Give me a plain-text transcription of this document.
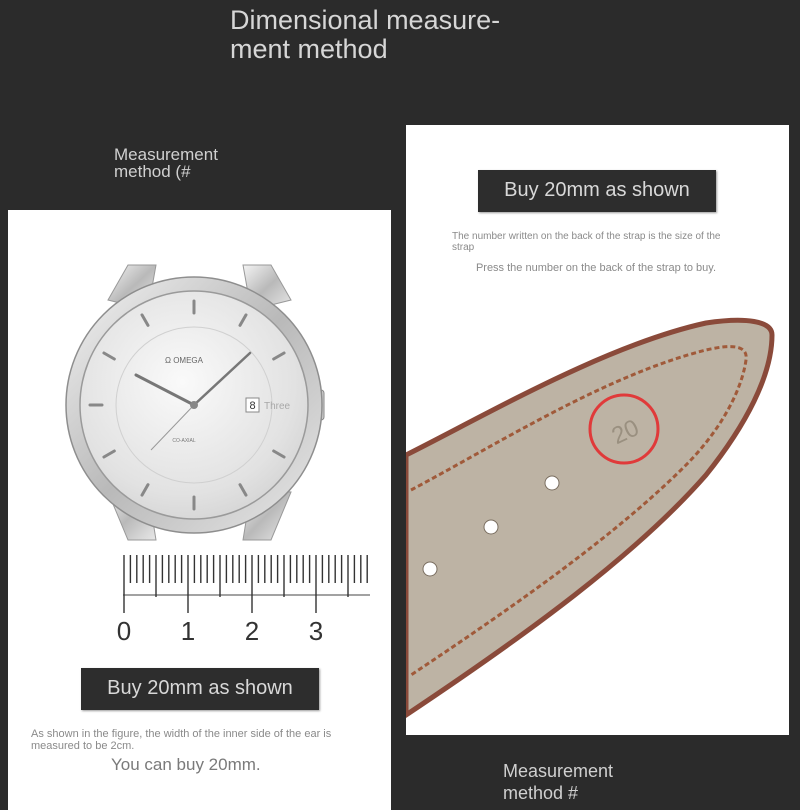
Dimensional measure-
ment method
Measurement
method (#
Ω OMEGA
CO-AXIAL
8 Three
0 1 2 3
Buy 20mm as shown
As shown in the figure, the width of the inner side of the ear is measured to be 2cm.
You can buy 20mm.
Buy 20mm as shown
The number written on the back of the strap is the size of the strap
Press the number on the back of the strap to buy.
20
Measurement
method #
